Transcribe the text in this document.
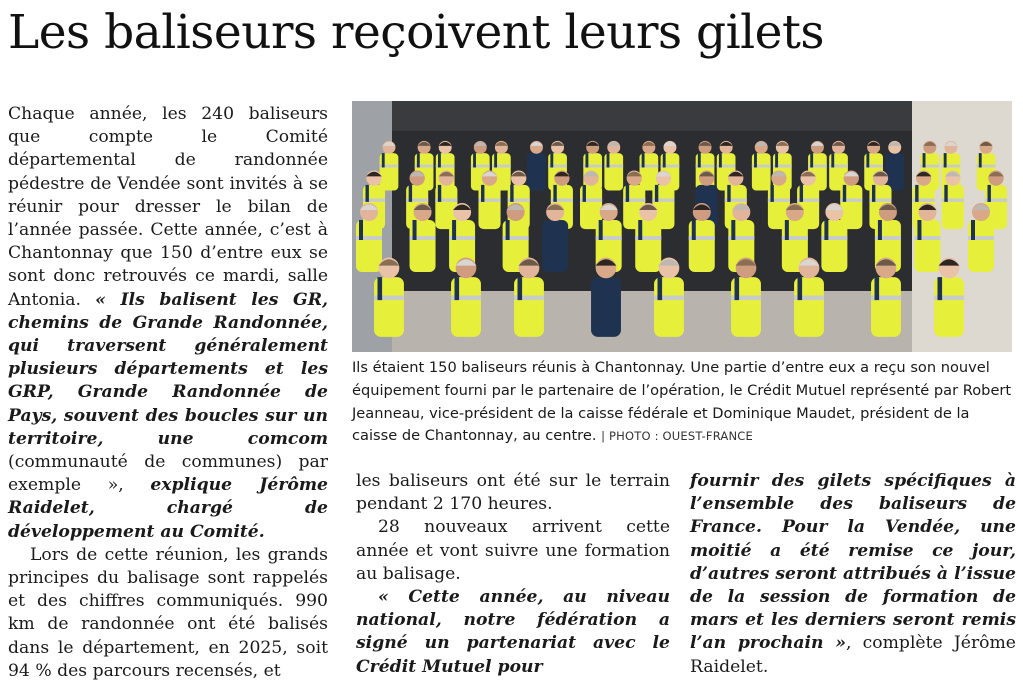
Les baliseurs reçoivent leurs gilets

Chaque année, les 240 baliseurs que compte le Comité départemental de randonnée pédestre de Vendée sont invités à se réunir pour dresser le bilan de l’année passée. Cette année, c’est à Chantonnay que 150 d’entre eux se sont donc retrouvés ce mardi, salle Antonia. « Ils balisent les GR, chemins de Grande Randonnée, qui traversent généralement plusieurs départements et les GRP, Grande Randonnée de Pays, souvent des boucles sur un territoire, une comcom (communauté de communes) par exemple », explique Jérôme Raidelet, chargé de développement au Comité.

Lors de cette réunion, les grands principes du balisage sont rappelés et des chiffres communiqués. 990 km de randonnée ont été balisés dans le département, en 2025, soit 94 % des parcours recensés, et

Ils étaient 150 baliseurs réunis à Chantonnay. Une partie d’entre eux a reçu son nouvel équipement fourni par le partenaire de l’opération, le Crédit Mutuel représenté par Robert Jeanneau, vice-président de la caisse fédérale et Dominique Maudet, président de la caisse de Chantonnay, au centre. | PHOTO : OUEST-FRANCE

les baliseurs ont été sur le terrain pendant 2 170 heures.

28 nouveaux arrivent cette année et vont suivre une formation au balisage.

« Cette année, au niveau national, notre fédération a signé un partenariat avec le Crédit Mutuel pour

fournir des gilets spécifiques à l’ensemble des baliseurs de France. Pour la Vendée, une moitié a été remise ce jour, d’autres seront attribués à l’issue de la session de formation de mars et les derniers seront remis l’an prochain », complète Jérôme Raidelet.
